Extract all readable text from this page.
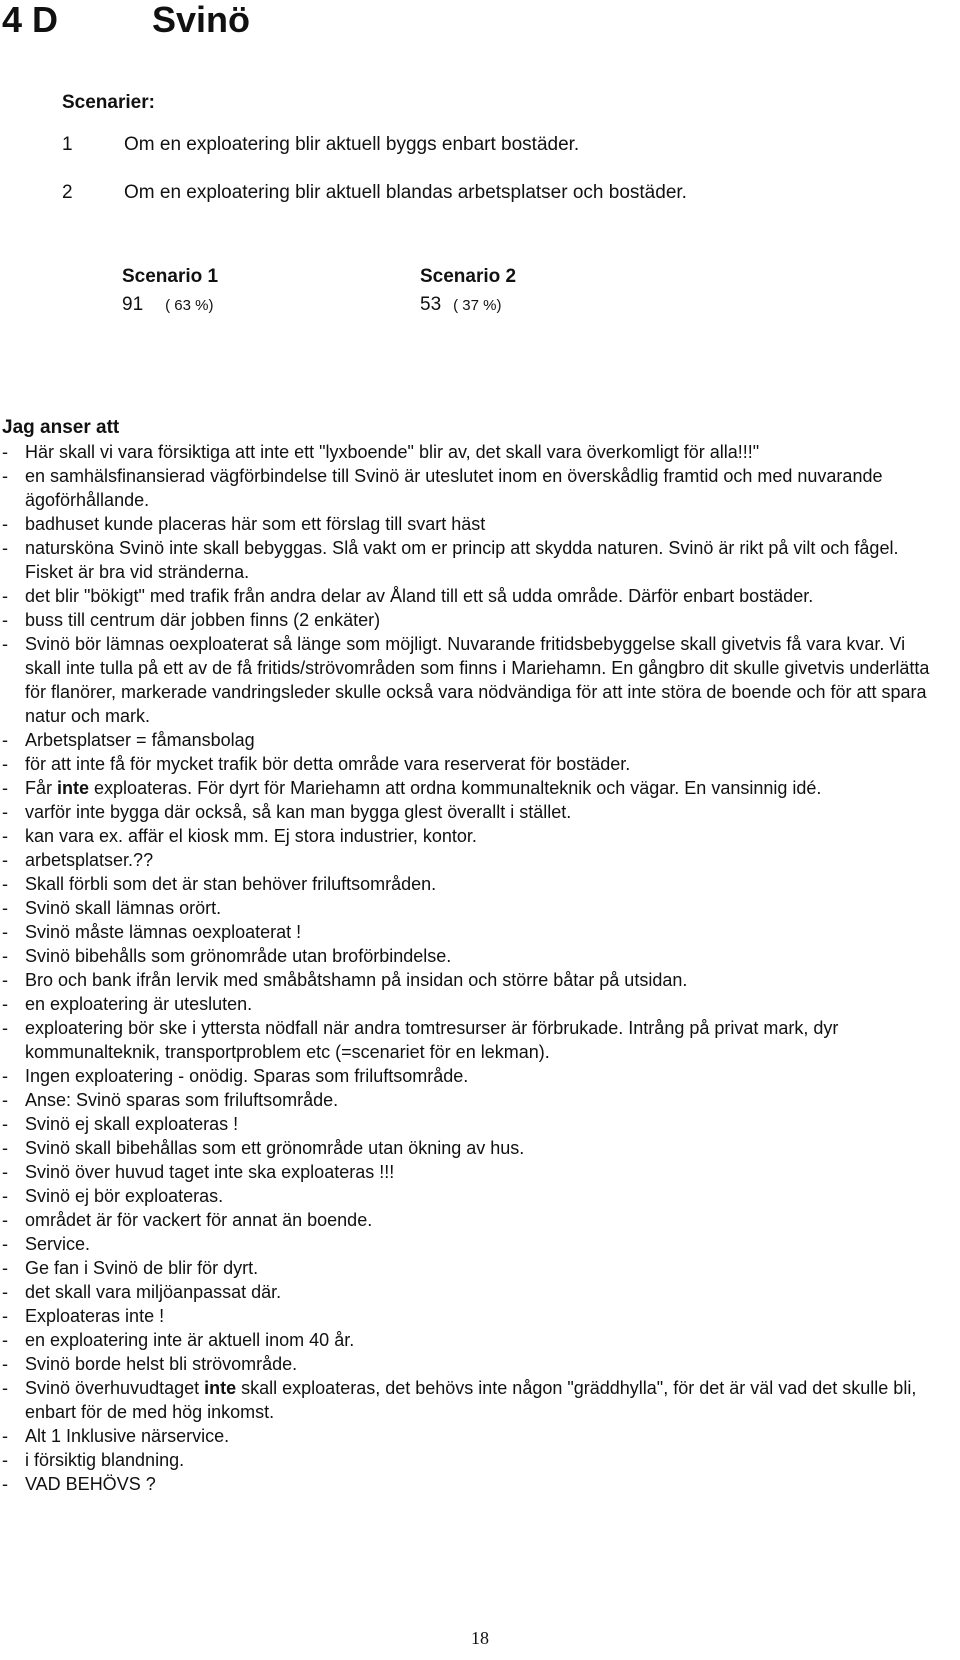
4 D	Svinö
Scenarier:
1	Om en exploatering blir aktuell byggs enbart bostäder.
2	Om en exploatering blir aktuell blandas arbetsplatser och bostäder.
Scenario 1	Scenario 2
91 ( 63 %)	53 ( 37 %)
Jag anser att
- Här skall vi vara försiktiga att inte ett "lyxboende" blir av, det skall vara överkomligt för alla!!!"
- en samhälsfinansierad vägförbindelse till Svinö är uteslutet inom en överskådlig framtid och med nuvarande ägoförhållande.
- badhuset kunde placeras här som ett förslag till svart häst
- natursköna Svinö inte skall bebyggas. Slå vakt om er princip att skydda naturen. Svinö är rikt på vilt och fågel. Fisket är bra vid stränderna.
- det blir "bökigt" med trafik från andra delar av Åland till ett så udda område. Därför enbart bostäder.
- buss till centrum där jobben finns (2 enkäter)
- Svinö bör lämnas oexploaterat så länge som möjligt. Nuvarande fritidsbebyggelse skall givetvis få vara kvar. Vi skall inte tulla på ett av de få fritids/strövområden som finns i Mariehamn. En gångbro dit skulle givetvis underlätta för flanörer, markerade vandringsleder skulle också vara nödvändiga för att inte störa de boende och för att spara natur och mark.
- Arbetsplatser = fåmansbolag
- för att inte få för mycket trafik bör detta område vara reserverat för bostäder.
- Får inte exploateras. För dyrt för Mariehamn att ordna kommunalteknik och vägar. En vansinnig idé.
- varför inte bygga där också, så kan man bygga glest överallt i stället.
- kan vara ex. affär el kiosk mm. Ej stora industrier, kontor.
- arbetsplatser.??
- Skall förbli som det är stan behöver friluftsområden.
- Svinö skall lämnas orört.
- Svinö måste lämnas oexploaterat !
- Svinö bibehålls som grönområde utan broförbindelse.
- Bro och bank ifrån lervik med småbåtshamn på insidan och större båtar på utsidan.
- en exploatering är utesluten.
- exploatering bör ske i yttersta nödfall när andra tomtresurser är förbrukade. Intrång på privat mark, dyr kommunalteknik, transportproblem etc (=scenariet för en lekman).
- Ingen exploatering - onödig. Sparas som friluftsområde.
- Anse: Svinö sparas som friluftsområde.
- Svinö ej skall exploateras !
- Svinö skall bibehållas som ett grönområde utan ökning av hus.
- Svinö över huvud taget inte ska exploateras !!!
- Svinö ej bör exploateras.
- området är för vackert för annat än boende.
- Service.
- Ge fan i Svinö de blir för dyrt.
- det skall vara miljöanpassat där.
- Exploateras inte !
- en exploatering inte är aktuell inom 40 år.
- Svinö borde helst bli strövområde.
- Svinö överhuvudtaget inte skall exploateras, det behövs inte någon "gräddhylla", för det är väl vad det skulle bli, enbart för de med hög inkomst.
- Alt 1 Inklusive närservice.
- i försiktig blandning.
- VAD BEHÖVS ?
18
